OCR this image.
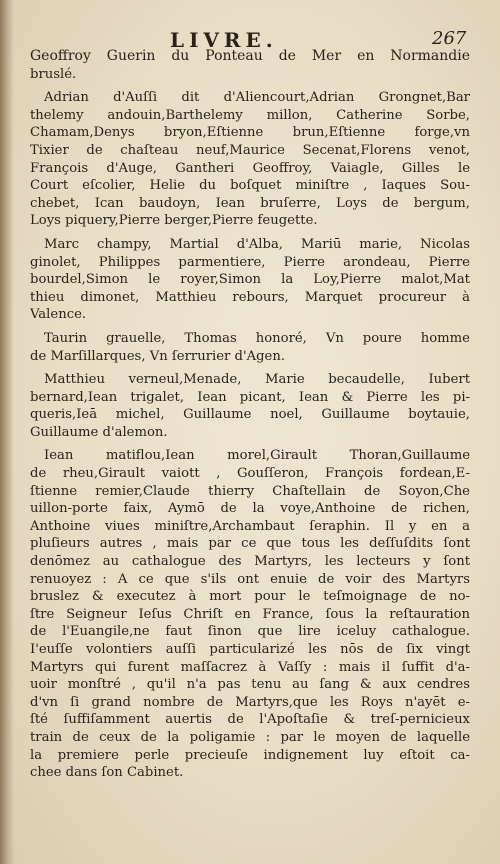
LIVRE.	267
Geoffroy Guerin du Ponteau de Mer en Normandie
bruslé.
Adrian d'Auſſi dit d'Aliencourt,Adrian Grongnet,Bar
thelemy andouin,Barthelemy millon, Catherine Sorbe,
Chamam,Denys bryon,Eſtienne brun,Eſtienne forge,vn
Tixier de chaſteau neuf,Maurice Secenat,Florens venot,
François d'Auge, Gantheri Geoffroy, Vaiagle, Gilles le
Court eſcolier, Helie du boſquet miniſtre , Iaques Sou-
chebet, Ican baudoyn, Iean bruſerre, Loys de bergum,
Loys piquery,Pierre berger,Pierre feugette.
Marc champy, Martial d'Alba, Mariū marie, Nicolas
ginolet, Philippes parmentiere, Pierre arondeau, Pierre
bourdel,Simon le royer,Simon la Loy,Pierre malot,Mat
thieu dimonet, Matthieu rebours, Marquet procureur à
Valence.
Taurin grauelle, Thomas honoré, Vn poure homme
de Marſillarques, Vn ſerrurier d'Agen.
Matthieu verneul,Menade, Marie becaudelle, Iubert
bernard,Iean trigalet, Iean picant, Iean & Pierre les pi-
queris,Ieā michel, Guillaume noel, Guillaume boytauie,
Guillaume d'alemon.
Iean matiflou,Iean morel,Girault Thoran,Guillaume
de rheu,Girault vaiott , Gouſſeron, François fordean,E-
ſtienne remier,Claude thierry Chaſtellain de Soyon,Che
uillon-porte faix, Aymō de la voye,Anthoine de richen,
Anthoine viues miniſtre,Archambaut ſeraphin. Il y en a
pluſieurs autres , mais par ce que tous les deſſuſdits ſont
denōmez au cathalogue des Martyrs, les lecteurs y ſont
renuoyez : A ce que s'ils ont enuie de voir des Martyrs
bruslez & executez à mort pour le teſmoignage de no-
ſtre Seigneur Ieſus Chriſt en France, ſous la reſtauration
de l'Euangile,ne faut ſinon que lire iceluy cathalogue.
I'euſſe volontiers auſſi particularizé les nōs de ſix vingt
Martyrs qui furent maſſacrez à Vaſſy : mais il ſuffit d'a-
uoir monſtré , qu'il n'a pas tenu au ſang & aux cendres
d'vn ſi grand nombre de Martyrs,que les Roys n'ayēt e-
ſté ſuffiſamment auertis de l'Apoſtaſie & treſ-pernicieux
train de ceux de la poligamie : par le moyen de laquelle
la premiere perle precieuſe indignement luy eſtoit ca-
chee dans ſon Cabinet.
